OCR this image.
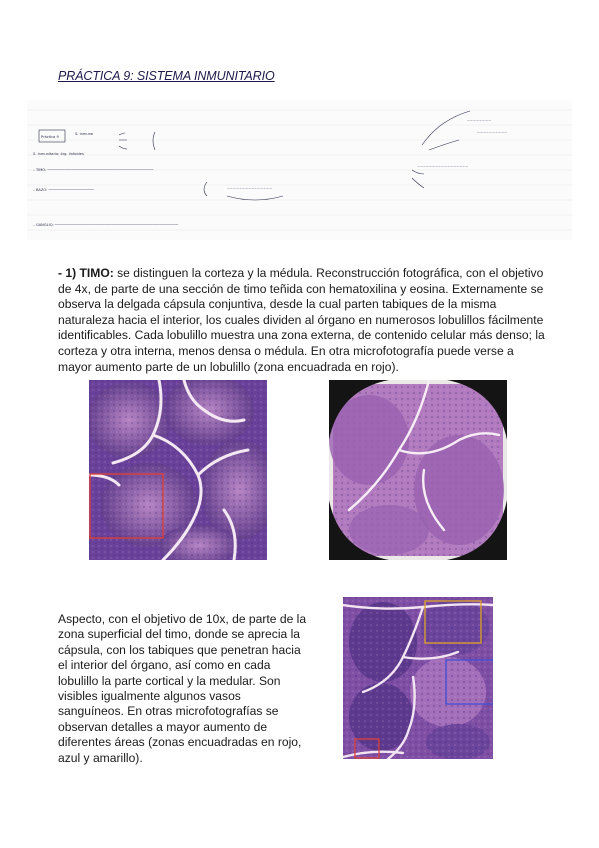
PRÁCTICA 9: SISTEMA INMUNITARIO
Práctica 9
S. inmune
S. inmunitario: órg. linfoides
– TIMO: ─────────────────────────────────────────────────
– BAZO: ─────────────────────
– GANGLIO: ─────────────────────────────────────────────────────────
~~~~~~~~~~~~~~~
~~~~~~~~~~~~~~~~~
~~~~~~~~
~~~~~~~~~~
- 1) TIMO: se distinguen la corteza y la médula. Reconstrucción fotográfica, con el objetivo de 4x, de parte de una sección de timo teñida con hematoxilina y eosina. Externamente se observa la delgada cápsula conjuntiva, desde la cual parten tabiques de la misma naturaleza hacia el interior, los cuales dividen al órgano en numerosos lobulillos fácilmente identificables. Cada lobulillo muestra una zona externa, de contenido celular más denso; la corteza y otra interna, menos densa o médula. En otra microfotografía puede verse a mayor aumento parte de un lobulillo (zona encuadrada en rojo).
Aspecto, con el objetivo de 10x, de parte de la zona superficial del timo, donde se aprecia la cápsula, con los tabiques que penetran hacia el interior del órgano, así como en cada lobulillo la parte cortical y la medular. Son visibles igualmente algunos vasos sanguíneos. En otras microfotografías se observan detalles a mayor aumento de diferentes áreas (zonas encuadradas en rojo, azul y amarillo).
